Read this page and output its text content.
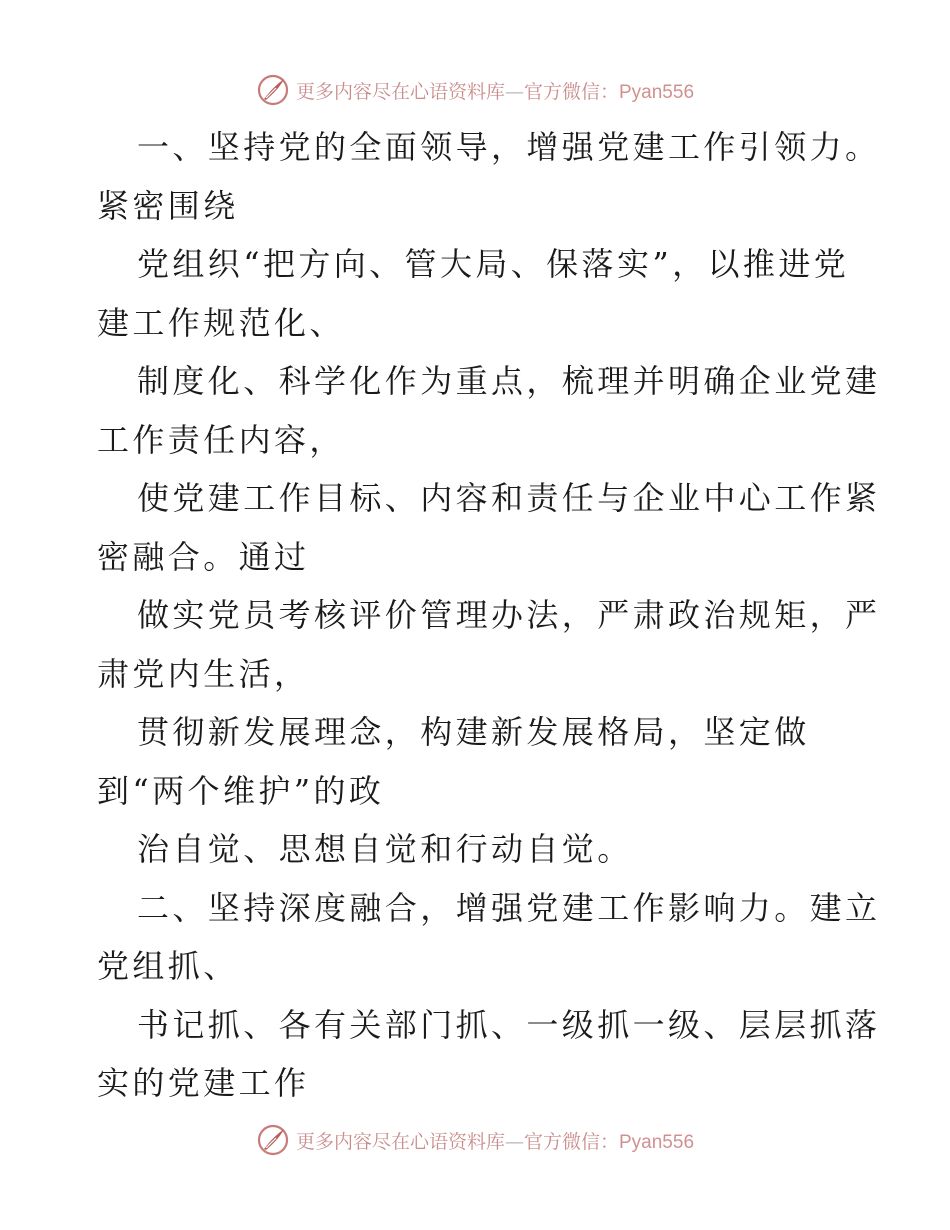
更多内容尽在心语资料库—官方微信：Pyan556
一、坚持党的全面领导，增强党建工作引领力。
紧密围绕
党组织“把方向、管大局、保落实”，以推进党
建工作规范化、
制度化、科学化作为重点，梳理并明确企业党建
工作责任内容，
使党建工作目标、内容和责任与企业中心工作紧
密融合。通过
做实党员考核评价管理办法，严肃政治规矩，严
肃党内生活，
贯彻新发展理念，构建新发展格局，坚定做
到“两个维护”的政
治自觉、思想自觉和行动自觉。
二、坚持深度融合，增强党建工作影响力。建立
党组抓、
书记抓、各有关部门抓、一级抓一级、层层抓落
实的党建工作
更多内容尽在心语资料库—官方微信：Pyan556
